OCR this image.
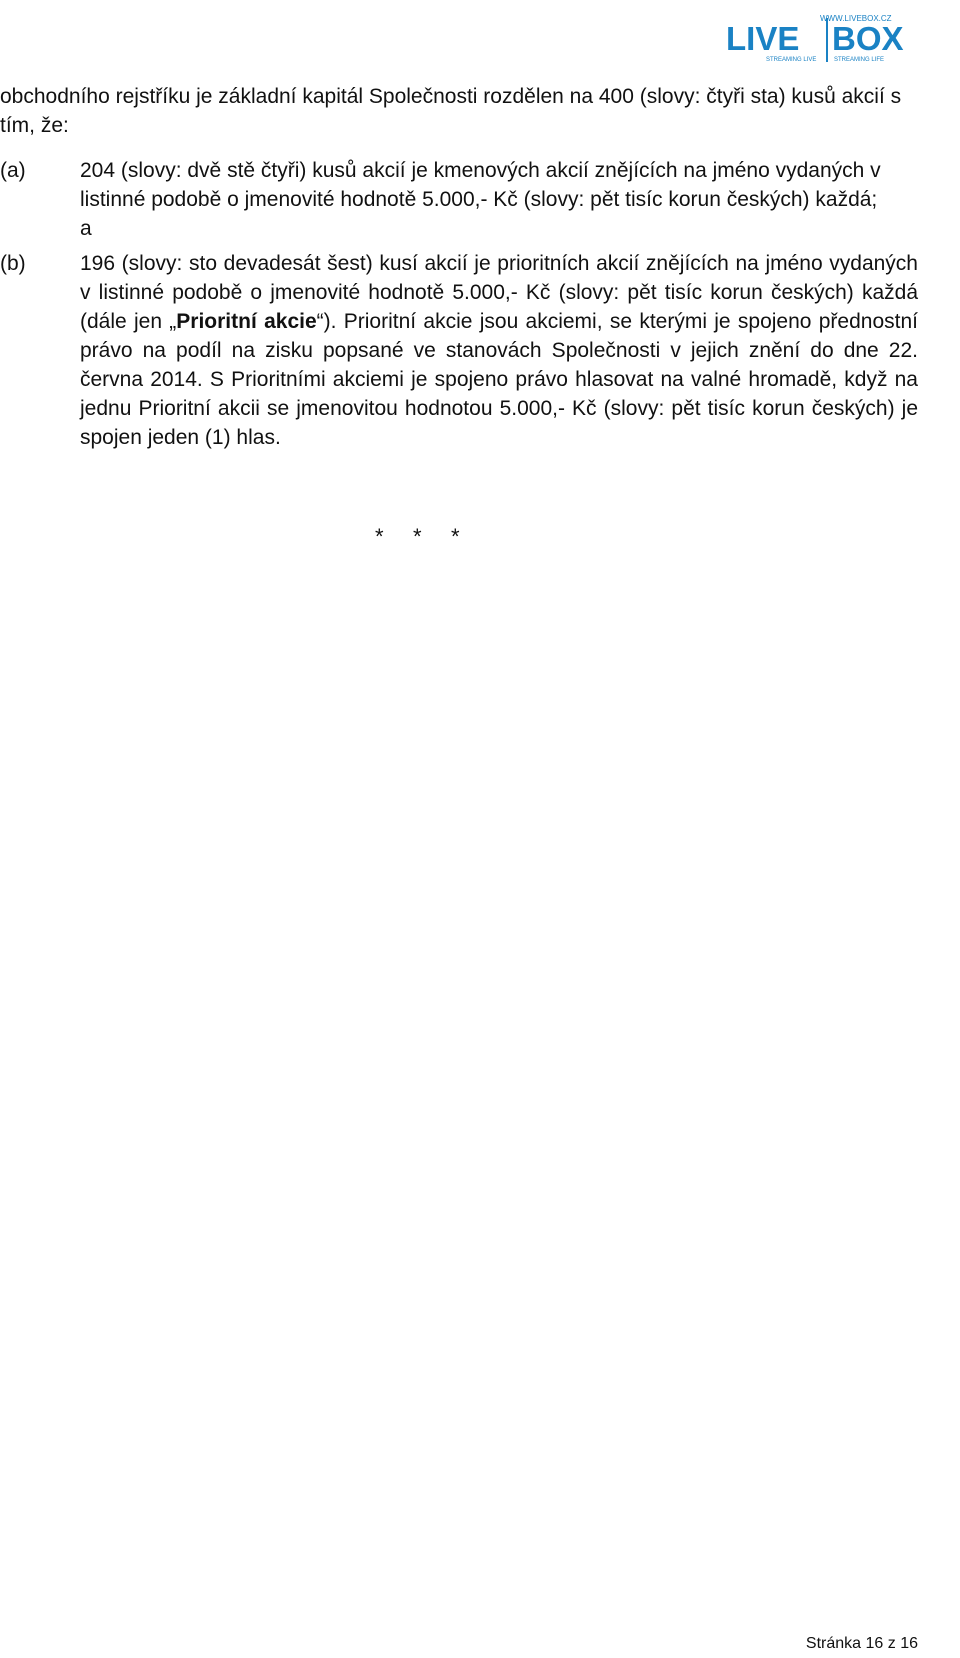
WWW.LIVEBOX.CZ
LIVE BOX
STREAMING LIVE	STREAMING LIFE

obchodního rejstříku je základní kapitál Společnosti rozdělen na 400 (slovy: čtyři sta) kusů akcií s tím, že:

(a)	204 (slovy: dvě stě čtyři) kusů akcií je kmenových akcií znějících na jméno vydaných v listinné podobě o jmenovité hodnotě 5.000,- Kč (slovy: pět tisíc korun českých) každá;

a

(b)	196 (slovy: sto devadesát šest) kusí akcií je prioritních akcií znějících na jméno vydaných v listinné podobě o jmenovité hodnotě 5.000,- Kč (slovy: pět tisíc korun českých) každá (dále jen „Prioritní akcie“). Prioritní akcie jsou akciemi, se kterými je spojeno přednostní právo na podíl na zisku popsané ve stanovách Společnosti v jejich znění do dne 22. června 2014. S Prioritními akciemi je spojeno právo hlasovat na valné hromadě, když na jednu Prioritní akcii se jmenovitou hodnotou 5.000,- Kč (slovy: pět tisíc korun českých) je spojen jeden (1) hlas.
* * *
Stránka 16 z 16
